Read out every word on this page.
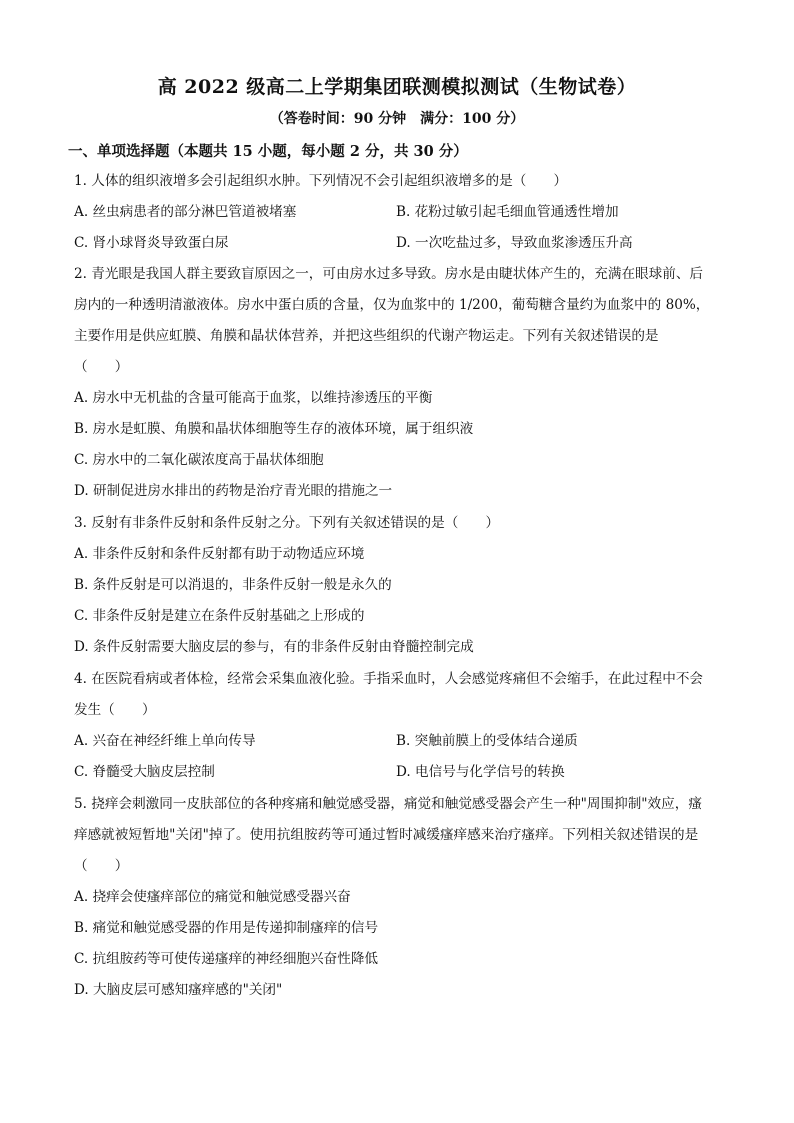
高 2022 级高二上学期集团联测模拟测试（生物试卷）
（答卷时间：90 分钟　满分：100 分）
一、单项选择题（本题共 15 小题，每小题 2 分，共 30 分）
1. 人体的组织液增多会引起组织水肿。下列情况不会引起组织液增多的是（　　）
A. 丝虫病患者的部分淋巴管道被堵塞	B. 花粉过敏引起毛细血管通透性增加
C. 肾小球肾炎导致蛋白尿	D. 一次吃盐过多，导致血浆渗透压升高
2. 青光眼是我国人群主要致盲原因之一，可由房水过多导致。房水是由睫状体产生的，充满在眼球前、后
房内的一种透明清澈液体。房水中蛋白质的含量，仅为血浆中的 1/200，葡萄糖含量约为血浆中的 80%，
主要作用是供应虹膜、角膜和晶状体营养，并把这些组织的代谢产物运走。下列有关叙述错误的是
（　　）
A. 房水中无机盐的含量可能高于血浆，以维持渗透压的平衡
B. 房水是虹膜、角膜和晶状体细胞等生存的液体环境，属于组织液
C. 房水中的二氧化碳浓度高于晶状体细胞
D. 研制促进房水排出的药物是治疗青光眼的措施之一
3. 反射有非条件反射和条件反射之分。下列有关叙述错误的是（　　）
A. 非条件反射和条件反射都有助于动物适应环境
B. 条件反射是可以消退的，非条件反射一般是永久的
C. 非条件反射是建立在条件反射基础之上形成的
D. 条件反射需要大脑皮层的参与，有的非条件反射由脊髓控制完成
4. 在医院看病或者体检，经常会采集血液化验。手指采血时，人会感觉疼痛但不会缩手，在此过程中不会
发生（　　）
A. 兴奋在神经纤维上单向传导	B. 突触前膜上的受体结合递质
C. 脊髓受大脑皮层控制	D. 电信号与化学信号的转换
5. 挠痒会刺激同一皮肤部位的各种疼痛和触觉感受器，痛觉和触觉感受器会产生一种"周围抑制"效应，瘙
痒感就被短暂地"关闭"掉了。使用抗组胺药等可通过暂时减缓瘙痒感来治疗瘙痒。下列相关叙述错误的是
（　　）
A. 挠痒会使瘙痒部位的痛觉和触觉感受器兴奋
B. 痛觉和触觉感受器的作用是传递抑制瘙痒的信号
C. 抗组胺药等可使传递瘙痒的神经细胞兴奋性降低
D. 大脑皮层可感知瘙痒感的"关闭"
